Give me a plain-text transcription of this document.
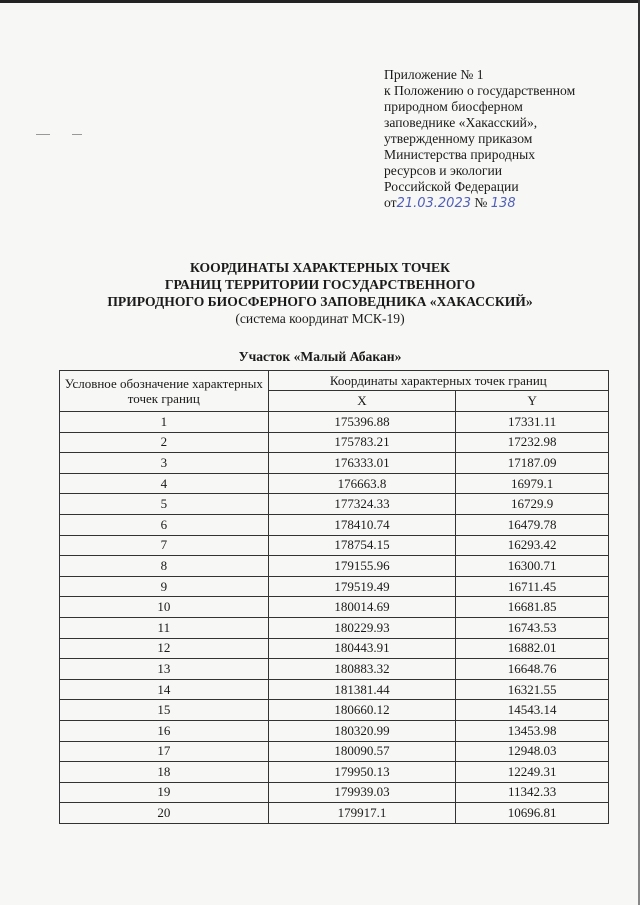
Приложение № 1
к Положению о государственном
природном биосферном
заповеднике «Хакасский»,
утвержденному приказом
Министерства природных
ресурсов и экологии
Российской Федерации
от21.03.2023 № 138
КООРДИНАТЫ ХАРАКТЕРНЫХ ТОЧЕК
ГРАНИЦ ТЕРРИТОРИИ ГОСУДАРСТВЕННОГО
ПРИРОДНОГО БИОСФЕРНОГО ЗАПОВЕДНИКА «ХАКАССКИЙ»
(система координат МСК-19)
Участок «Малый Абакан»
Условное обозначение характерных точек границ	Координаты характерных точек границ	
	X	Y
1	175396.88	17331.11
2	175783.21	17232.98
3	176333.01	17187.09
4	176663.8	16979.1
5	177324.33	16729.9
6	178410.74	16479.78
7	178754.15	16293.42
8	179155.96	16300.71
9	179519.49	16711.45
10	180014.69	16681.85
11	180229.93	16743.53
12	180443.91	16882.01
13	180883.32	16648.76
14	181381.44	16321.55
15	180660.12	14543.14
16	180320.99	13453.98
17	180090.57	12948.03
18	179950.13	12249.31
19	179939.03	11342.33
20	179917.1	10696.81
